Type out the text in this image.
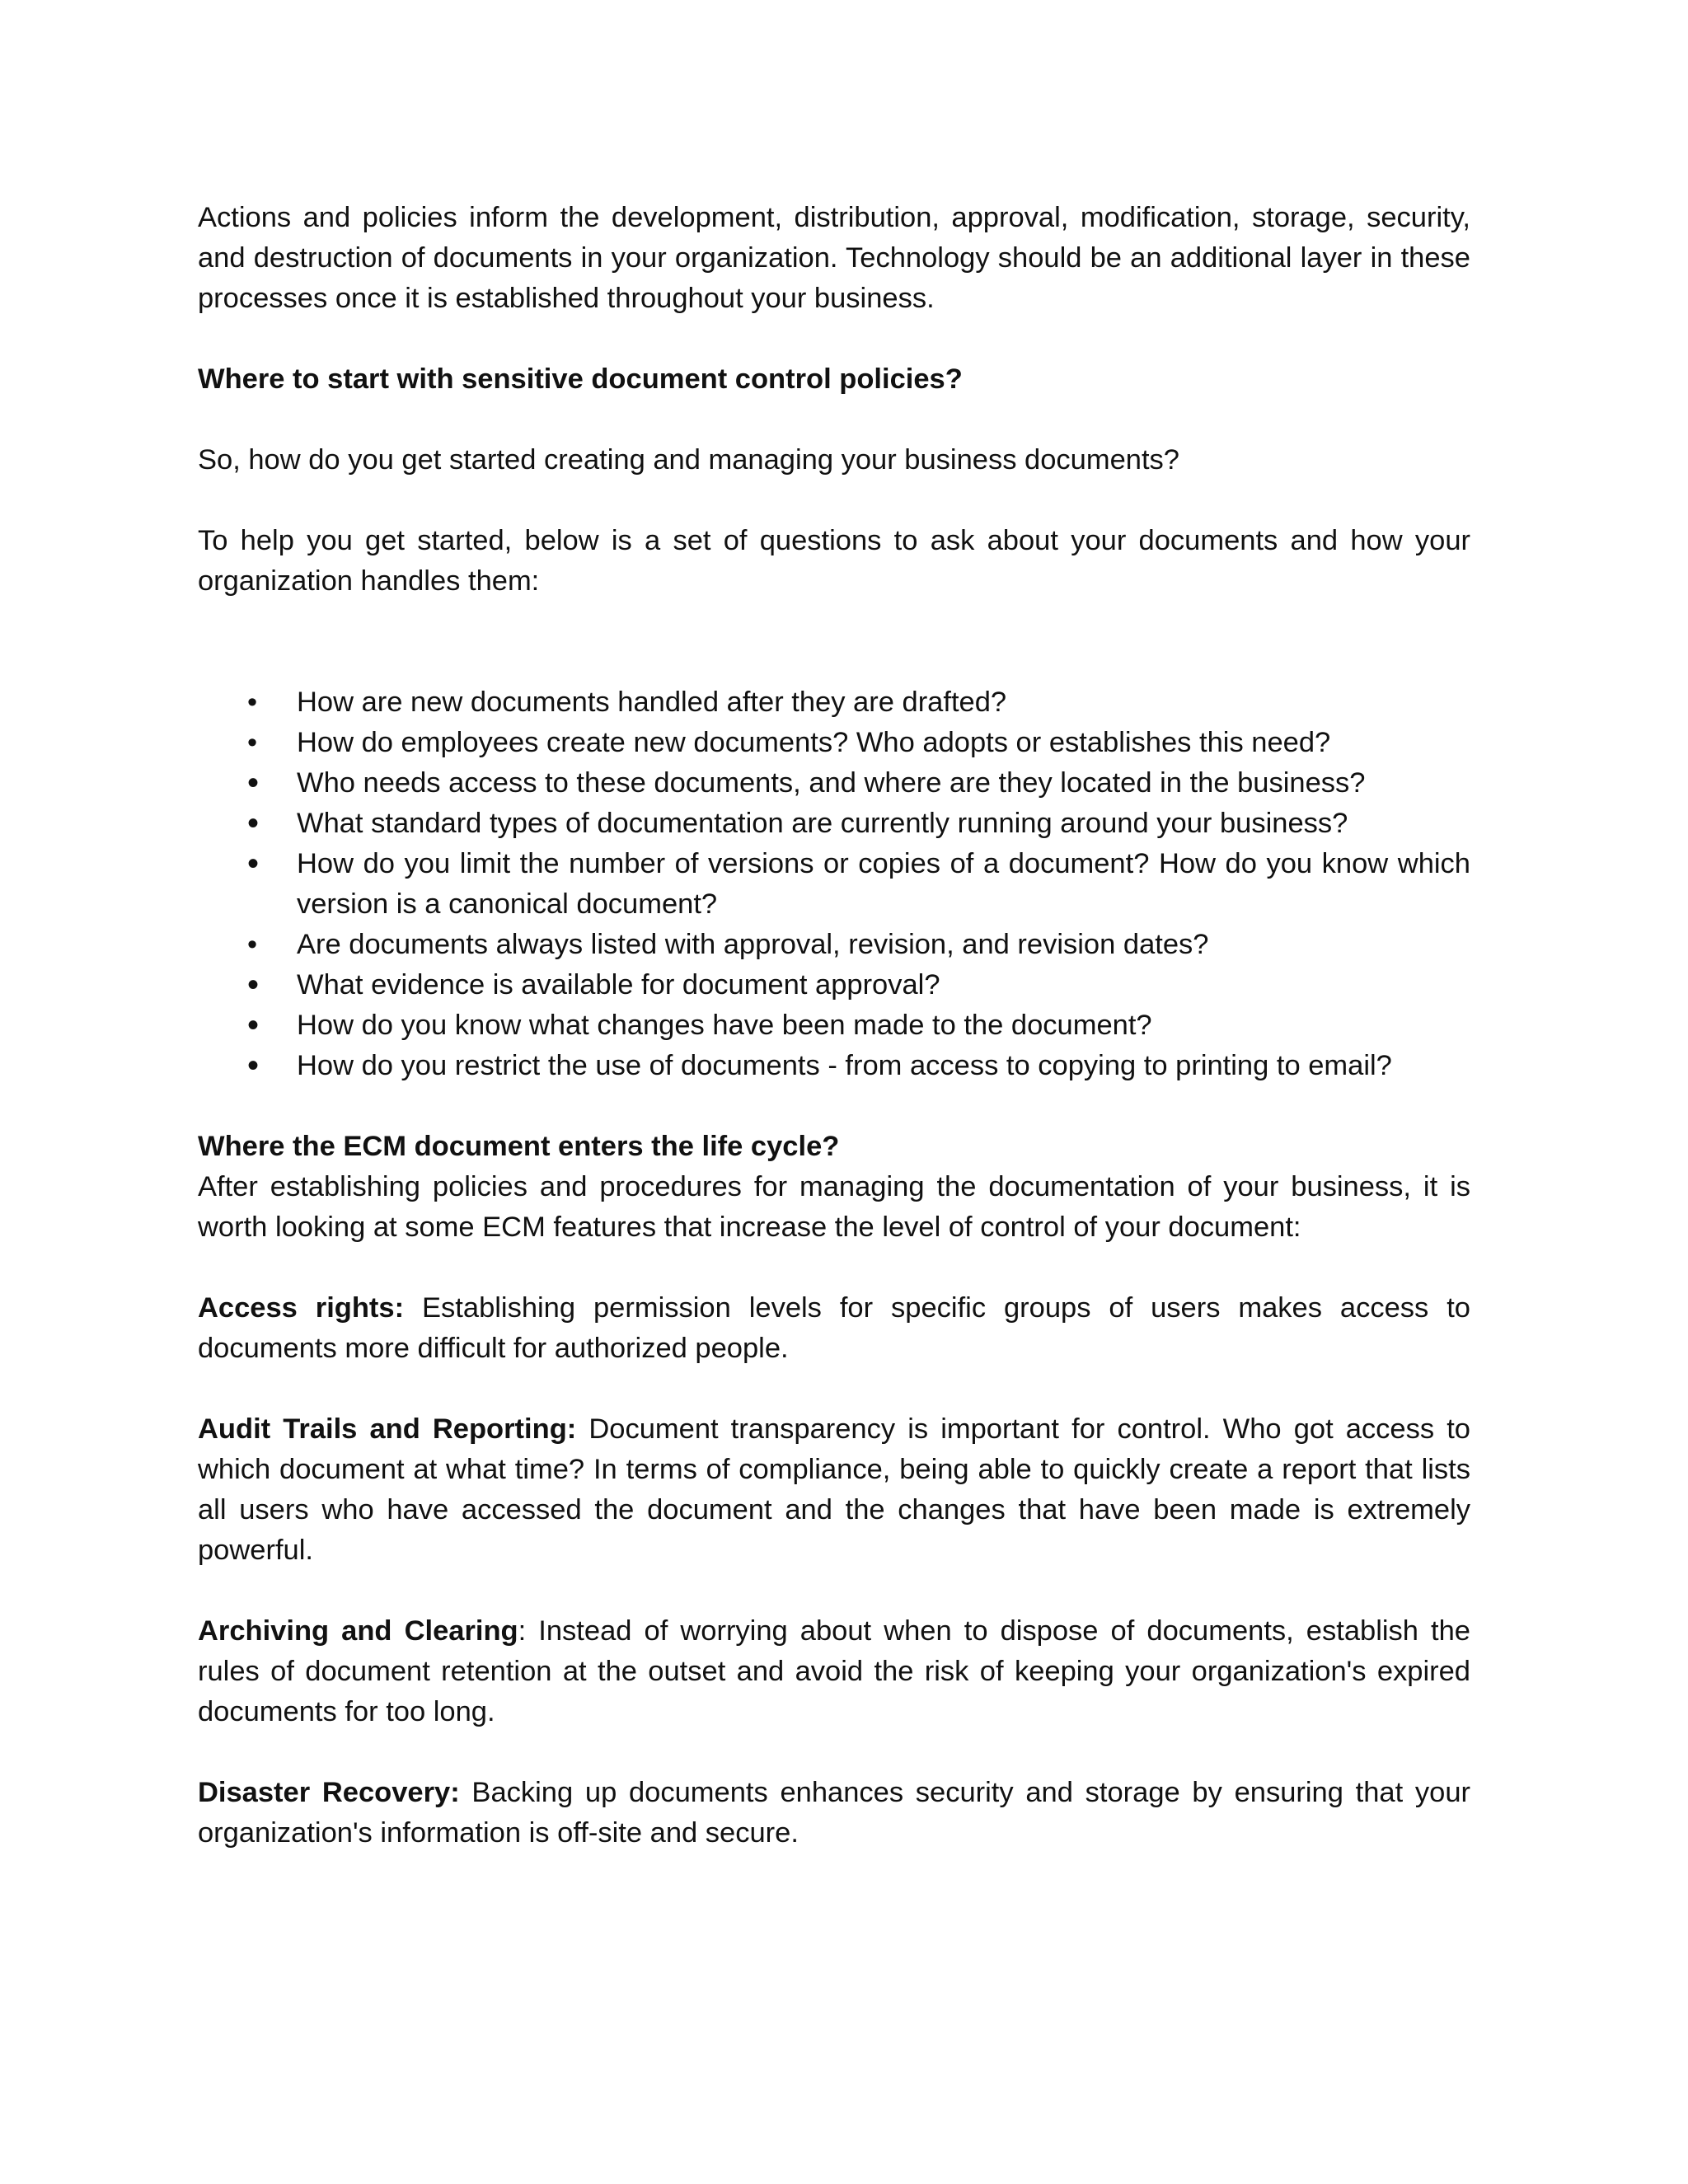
Actions and policies inform the development, distribution, approval, modification, storage, security, and destruction of documents in your organization. Technology should be an additional layer in these processes once it is established throughout your business.

Where to start with sensitive document control policies?

So, how do you get started creating and managing your business documents?

To help you get started, below is a set of questions to ask about your documents and how your organization handles them:

•	How are new documents handled after they are drafted?
•	How do employees create new documents? Who adopts or establishes this need?
•	Who needs access to these documents, and where are they located in the business?
•	What standard types of documentation are currently running around your business?
•	How do you limit the number of versions or copies of a document? How do you know which version is a canonical document?
•	Are documents always listed with approval, revision, and revision dates?
•	What evidence is available for document approval?
•	How do you know what changes have been made to the document?
•	How do you restrict the use of documents - from access to copying to printing to email?

Where the ECM document enters the life cycle?

After establishing policies and procedures for managing the documentation of your business, it is worth looking at some ECM features that increase the level of control of your document:

Access rights: Establishing permission levels for specific groups of users makes access to documents more difficult for authorized people.

Audit Trails and Reporting: Document transparency is important for control. Who got access to which document at what time? In terms of compliance, being able to quickly create a report that lists all users who have accessed the document and the changes that have been made is extremely powerful.

Archiving and Clearing: Instead of worrying about when to dispose of documents, establish the rules of document retention at the outset and avoid the risk of keeping your organization's expired documents for too long.

Disaster Recovery: Backing up documents enhances security and storage by ensuring that your organization's information is off-site and secure.
